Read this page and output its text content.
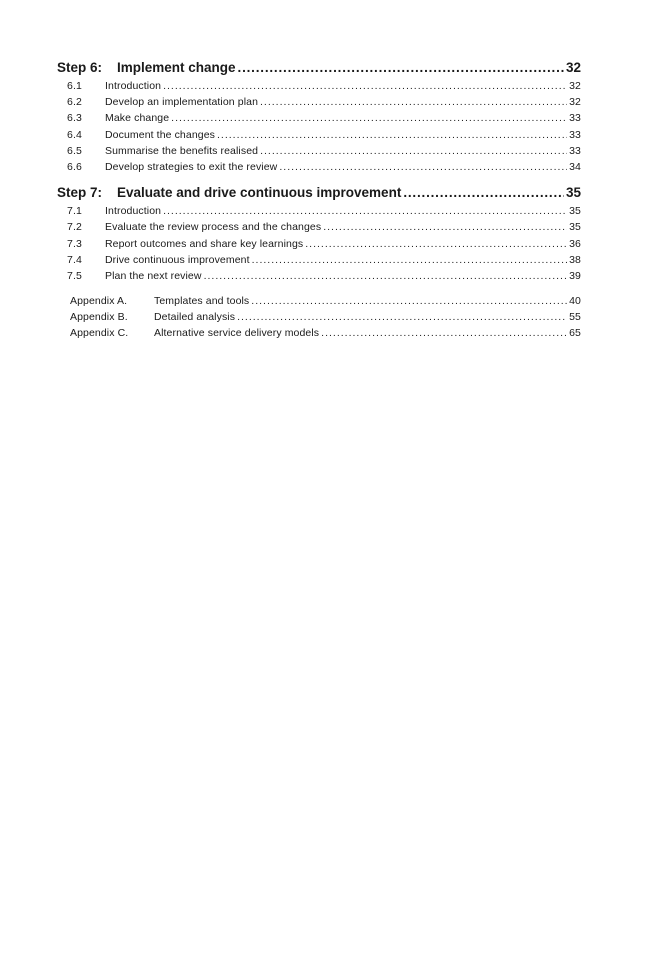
Step 6:	Implement change .....	32
6.1	Introduction .....	32
6.2	Develop an implementation plan .....	32
6.3	Make change .....	33
6.4	Document the changes .....	33
6.5	Summarise the benefits realised .....	33
6.6	Develop strategies to exit the review .....	34
Step 7:	Evaluate and drive continuous improvement .....	35
7.1	Introduction .....	35
7.2	Evaluate the review process and the changes .....	35
7.3	Report outcomes and share key learnings .....	36
7.4	Drive continuous improvement .....	38
7.5	Plan the next review .....	39
Appendix A.	Templates and tools .....	40
Appendix B.	Detailed analysis .....	55
Appendix C.	Alternative service delivery models .....	65
